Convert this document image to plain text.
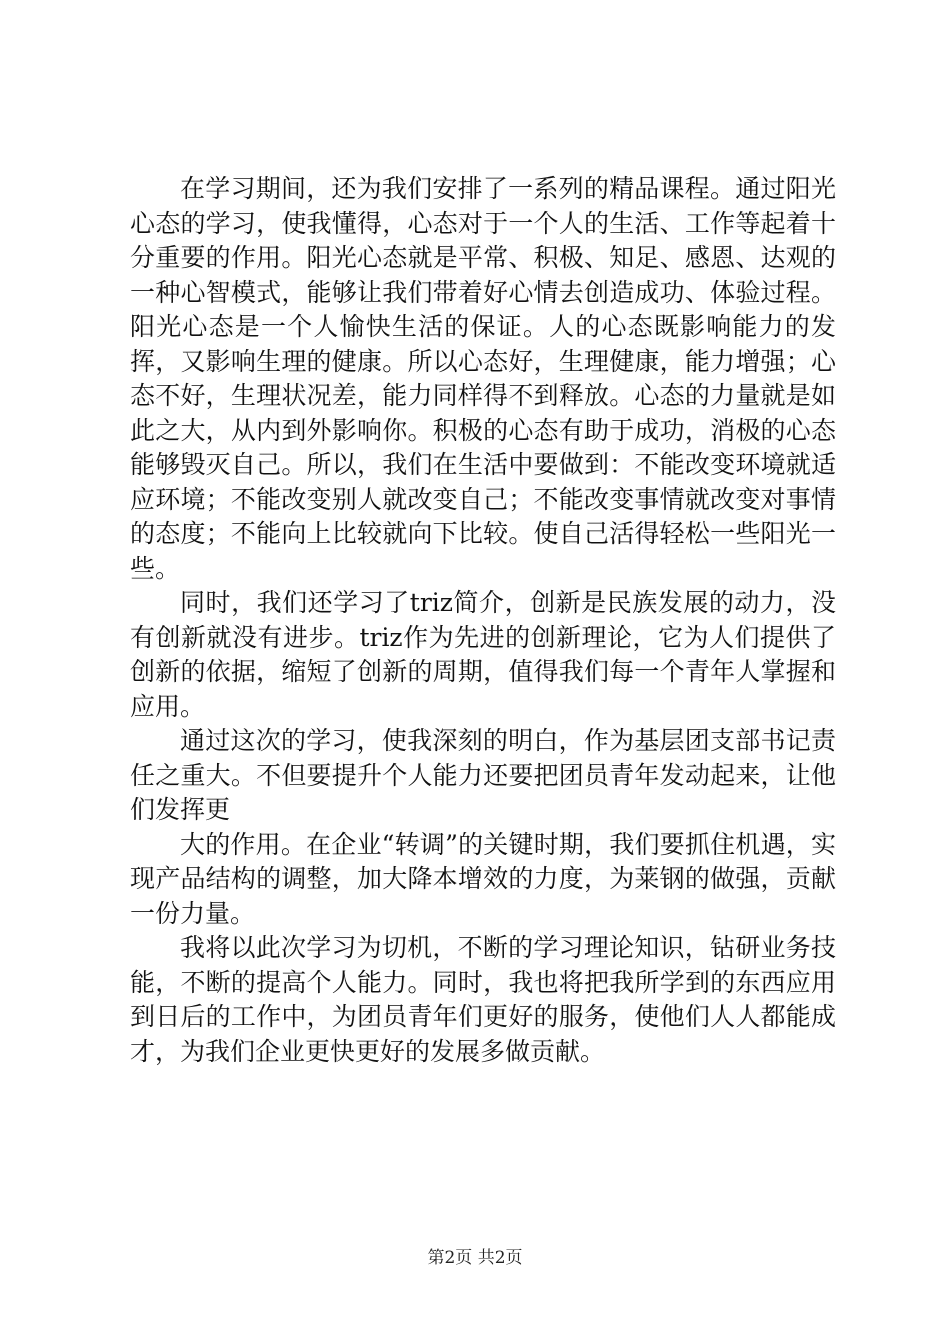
在学习期间，还为我们安排了一系列的精品课程。通过阳光心态的学习，使我懂得，心态对于一个人的生活、工作等起着十分重要的作用。阳光心态就是平常、积极、知足、感恩、达观的一种心智模式，能够让我们带着好心情去创造成功、体验过程。阳光心态是一个人愉快生活的保证。人的心态既影响能力的发挥，又影响生理的健康。所以心态好，生理健康，能力增强；心态不好，生理状况差，能力同样得不到释放。心态的力量就是如此之大，从内到外影响你。积极的心态有助于成功，消极的心态能够毁灭自己。所以，我们在生活中要做到：不能改变环境就适应环境；不能改变别人就改变自己；不能改变事情就改变对事情的态度；不能向上比较就向下比较。使自己活得轻松一些阳光一些。

同时，我们还学习了triz简介，创新是民族发展的动力，没有创新就没有进步。triz作为先进的创新理论，它为人们提供了创新的依据，缩短了创新的周期，值得我们每一个青年人掌握和应用。

通过这次的学习，使我深刻的明白，作为基层团支部书记责任之重大。不但要提升个人能力还要把团员青年发动起来，让他们发挥更

大的作用。在企业“转调”的关键时期，我们要抓住机遇，实现产品结构的调整，加大降本增效的力度，为莱钢的做强，贡献一份力量。

我将以此次学习为切机，不断的学习理论知识，钻研业务技能，不断的提高个人能力。同时，我也将把我所学到的东西应用到日后的工作中，为团员青年们更好的服务，使他们人人都能成才，为我们企业更快更好的发展多做贡献。

第2页 共2页
